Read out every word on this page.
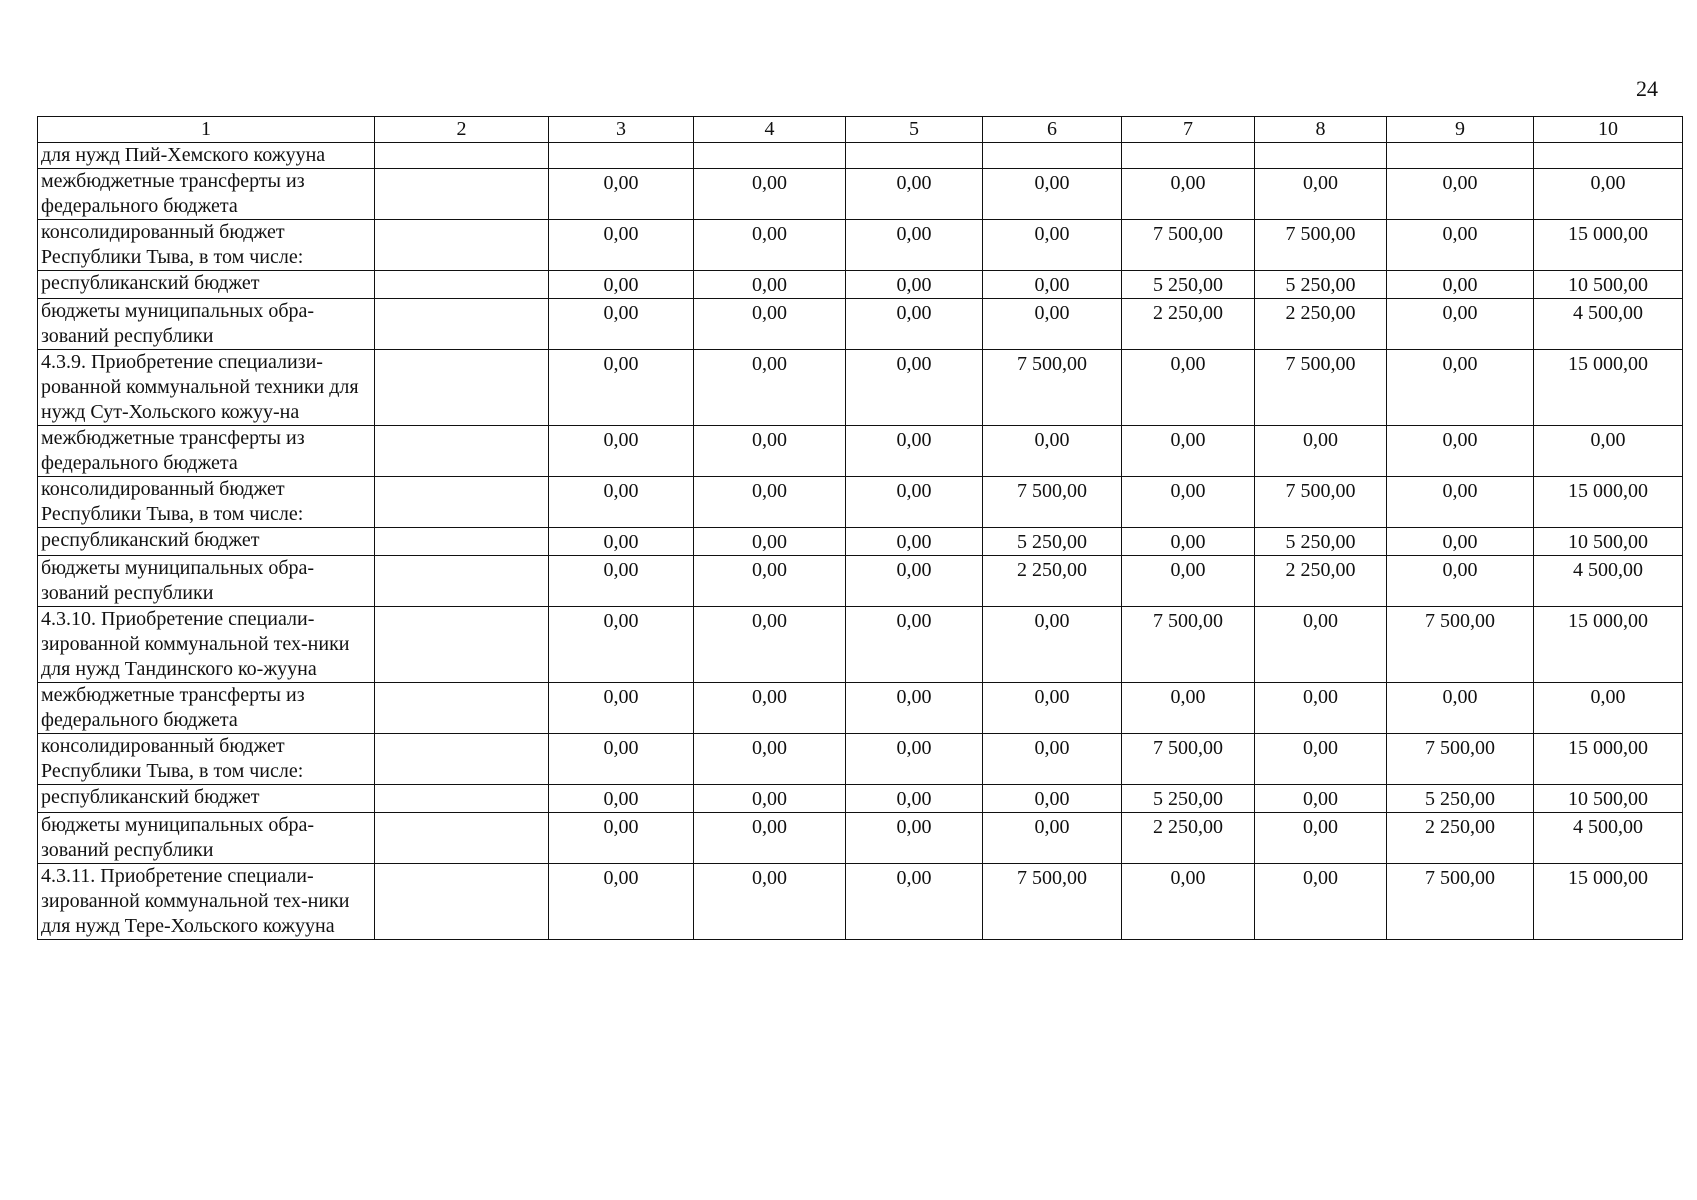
24
1	2	3	4	5	6	7	8	9	10
для нужд Пий-Хемского кожууна									
межбюджетные трансферты из федерального бюджета		0,00	0,00	0,00	0,00	0,00	0,00	0,00	0,00
консолидированный бюджет Республики Тыва, в том числе:		0,00	0,00	0,00	0,00	7 500,00	7 500,00	0,00	15 000,00
республиканский бюджет		0,00	0,00	0,00	0,00	5 250,00	5 250,00	0,00	10 500,00
бюджеты муниципальных обра-зований республики		0,00	0,00	0,00	0,00	2 250,00	2 250,00	0,00	4 500,00
4.3.9. Приобретение специализи-рованной коммунальной техники для нужд Сут-Хольского кожуу-на		0,00	0,00	0,00	7 500,00	0,00	7 500,00	0,00	15 000,00
межбюджетные трансферты из федерального бюджета		0,00	0,00	0,00	0,00	0,00	0,00	0,00	0,00
консолидированный бюджет Республики Тыва, в том числе:		0,00	0,00	0,00	7 500,00	0,00	7 500,00	0,00	15 000,00
республиканский бюджет		0,00	0,00	0,00	5 250,00	0,00	5 250,00	0,00	10 500,00
бюджеты муниципальных обра-зований республики		0,00	0,00	0,00	2 250,00	0,00	2 250,00	0,00	4 500,00
4.3.10. Приобретение специали-зированной коммунальной тех-ники для нужд Тандинского ко-жууна		0,00	0,00	0,00	0,00	7 500,00	0,00	7 500,00	15 000,00
межбюджетные трансферты из федерального бюджета		0,00	0,00	0,00	0,00	0,00	0,00	0,00	0,00
консолидированный бюджет Республики Тыва, в том числе:		0,00	0,00	0,00	0,00	7 500,00	0,00	7 500,00	15 000,00
республиканский бюджет		0,00	0,00	0,00	0,00	5 250,00	0,00	5 250,00	10 500,00
бюджеты муниципальных обра-зований республики		0,00	0,00	0,00	0,00	2 250,00	0,00	2 250,00	4 500,00
4.3.11. Приобретение специали-зированной коммунальной тех-ники для нужд Тере-Хольского кожууна		0,00	0,00	0,00	7 500,00	0,00	0,00	7 500,00	15 000,00
